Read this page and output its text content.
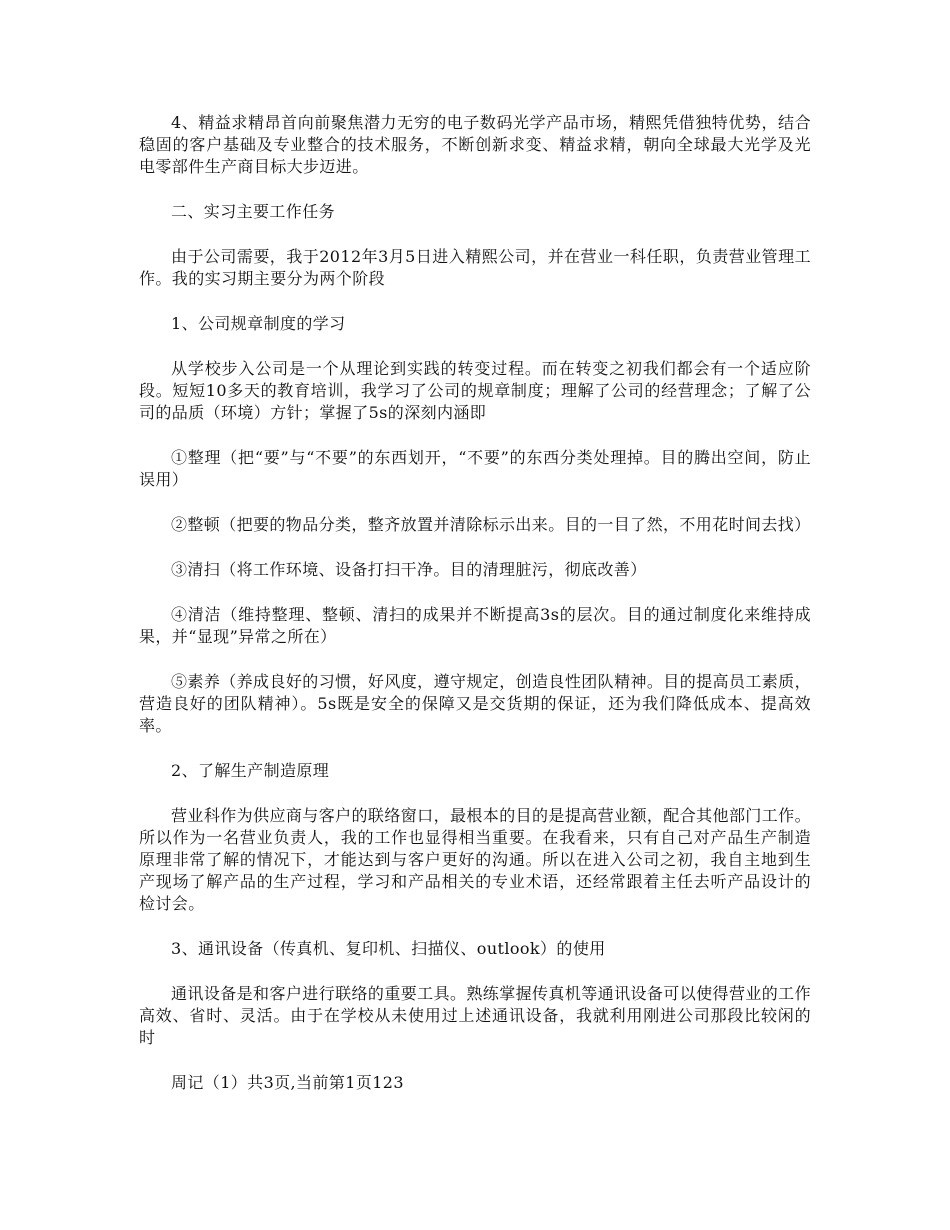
4、精益求精昂首向前聚焦潜力无穷的电子数码光学产品市场，精熙凭借独特优势，结合稳固的客户基础及专业整合的技术服务，不断创新求变、精益求精，朝向全球最大光学及光电零部件生产商目标大步迈进。

二、实习主要工作任务

由于公司需要，我于2012年3月5日进入精熙公司，并在营业一科任职，负责营业管理工作。我的实习期主要分为两个阶段

1、公司规章制度的学习

从学校步入公司是一个从理论到实践的转变过程。而在转变之初我们都会有一个适应阶段。短短10多天的教育培训，我学习了公司的规章制度；理解了公司的经营理念；了解了公司的品质（环境）方针；掌握了5s的深刻内涵即

①整理（把“要”与“不要”的东西划开，“不要”的东西分类处理掉。目的腾出空间，防止误用）

②整顿（把要的物品分类，整齐放置并清除标示出来。目的一目了然，不用花时间去找）

③清扫（将工作环境、设备打扫干净。目的清理脏污，彻底改善）

④清洁（维持整理、整顿、清扫的成果并不断提高3s的层次。目的通过制度化来维持成果，并“显现”异常之所在）

⑤素养（养成良好的习惯，好风度，遵守规定，创造良性团队精神。目的提高员工素质，营造良好的团队精神）。5s既是安全的保障又是交货期的保证，还为我们降低成本、提高效率。

2、了解生产制造原理

营业科作为供应商与客户的联络窗口，最根本的目的是提高营业额，配合其他部门工作。所以作为一名营业负责人，我的工作也显得相当重要。在我看来，只有自己对产品生产制造原理非常了解的情况下，才能达到与客户更好的沟通。所以在进入公司之初，我自主地到生产现场了解产品的生产过程，学习和产品相关的专业术语，还经常跟着主任去听产品设计的检讨会。

3、通讯设备（传真机、复印机、扫描仪、outlook）的使用

通讯设备是和客户进行联络的重要工具。熟练掌握传真机等通讯设备可以使得营业的工作高效、省时、灵活。由于在学校从未使用过上述通讯设备，我就利用刚进公司那段比较闲的时

周记（1）共3页,当前第1页123
